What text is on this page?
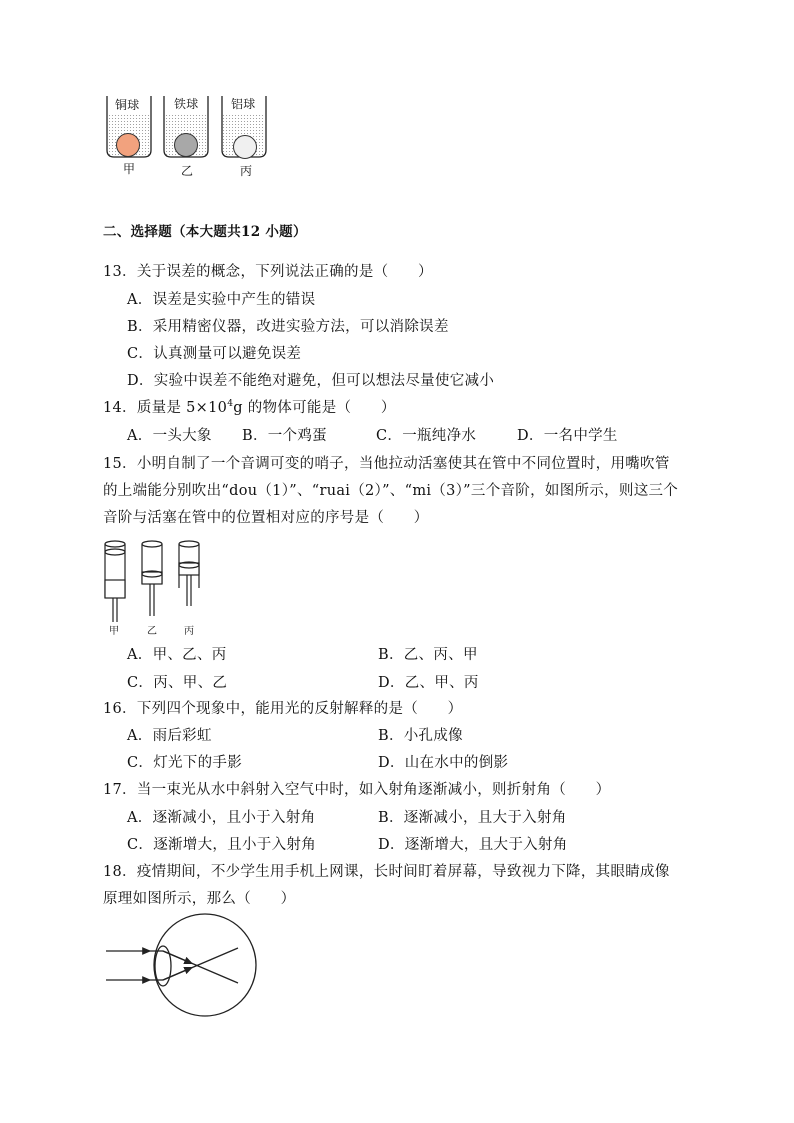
铜球	铁球	铝球
甲	乙	丙
二、选择题（本大题共12 小题）
13．关于误差的概念，下列说法正确的是（　　）
A．误差是实验中产生的错误
B．采用精密仪器，改进实验方法，可以消除误差
C．认真测量可以避免误差
D．实验中误差不能绝对避免，但可以想法尽量使它减小
14．质量是 $5\times 10^4g$ 的物体可能是（　　）
A．一头大象 B．一个鸡蛋	C．一瓶纯净水	D．一名中学生
15．小明自制了一个音调可变的哨子，当他拉动活塞使其在管中不同位置时，用嘴吹管
的上端能分别吹出“dou（1）”、“ruai（2）”、“mi（3）”三个音阶，如图所示，则这三个
音阶与活塞在管中的位置相对应的序号是（　　）
甲	乙	丙
A．甲、乙、丙	B．乙、丙、甲
C．丙、甲、乙	D．乙、甲、丙
16．下列四个现象中，能用光的反射解释的是（　　）
A．雨后彩虹	B．小孔成像
C．灯光下的手影	D．山在水中的倒影
17．当一束光从水中斜射入空气中时，如入射角逐渐减小，则折射角（　　）
A．逐渐减小，且小于入射角	B．逐渐减小，且大于入射角
C．逐渐增大，且小于入射角	D．逐渐增大，且大于入射角
18．疫情期间，不少学生用手机上网课，长时间盯着屏幕，导致视力下降，其眼睛成像
原理如图所示，那么（　　）
